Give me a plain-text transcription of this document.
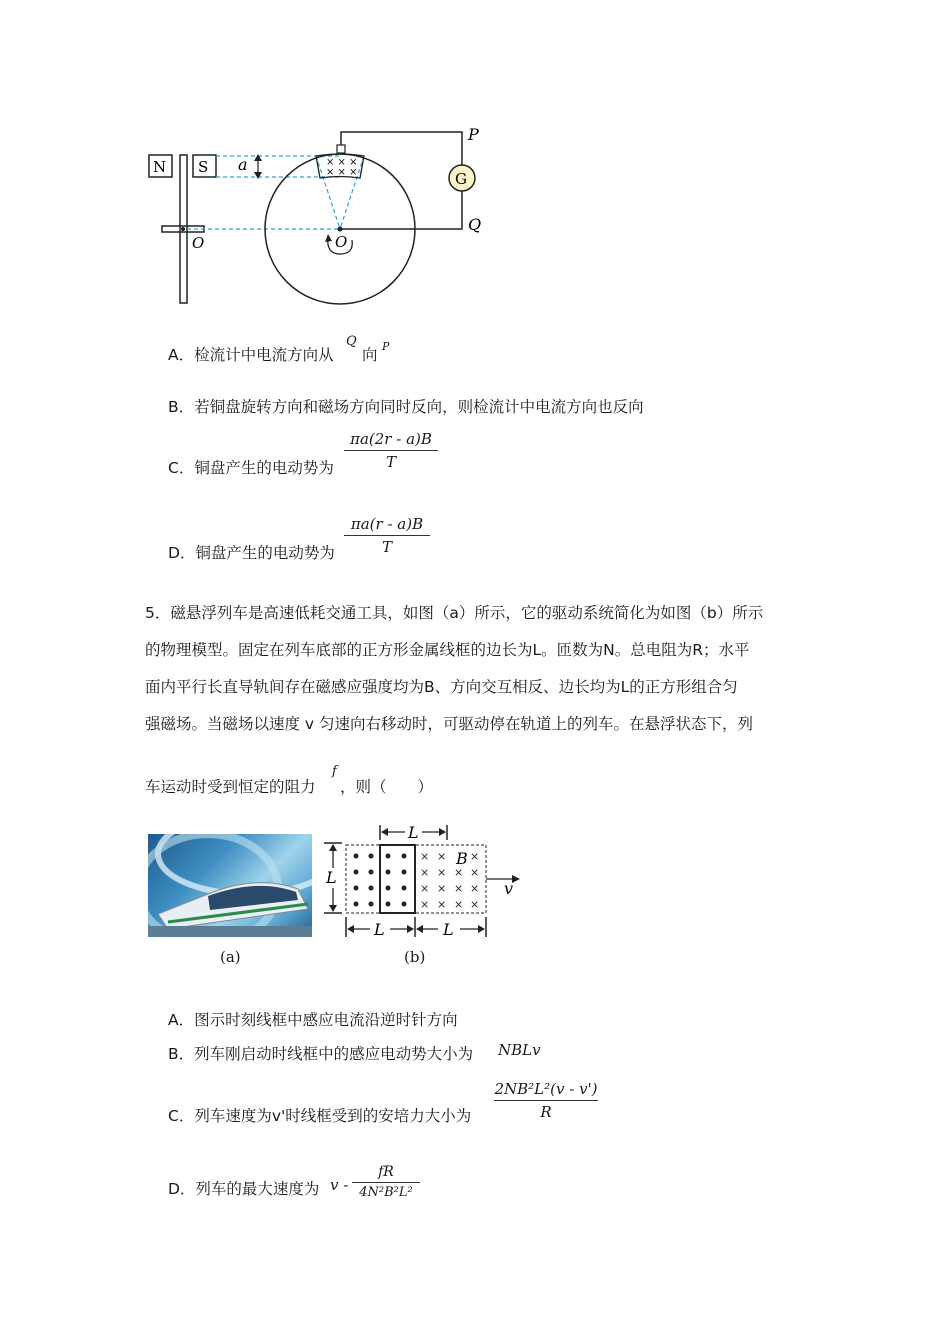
N S
O
a	× × ×
× × ×	G
P
Q
O
A．检流计中电流方向从
Q
向 P
B．若铜盘旋转方向和磁场方向同时反向，则检流计中电流方向也反向
C．铜盘产生的电动势为
πa(2r - a)B
T
D．铜盘产生的电动势为
πa(r - a)B
T
5．磁悬浮列车是高速低耗交通工具，如图（a）所示，它的驱动系统简化为如图（b）所示
的物理模型。固定在列车底部的正方形金属线框的边长为L。匝数为N。总电阻为R；水平
面内平行长直导轨间存在磁感应强度均为B、方向交互相反、边长均为L的正方形组合匀
强磁场。当磁场以速度 v 匀速向右移动时，可驱动停在轨道上的列车。在悬浮状态下，列
车运动时受到恒定的阻力
f
，则（　　）
(a)
L
L
× × ×
× × × ×
× × × ×
× × × ×
B
v
L	L
(b)
A．图示时刻线框中感应电流沿逆时针方向
B．列车刚启动时线框中的感应电动势大小为 NBLv
C．列车速度为v'时线框受到的安培力大小为
2NB²L²(v - v')
R
D．列车的最大速度为 v -
fR
4N²B²L²
